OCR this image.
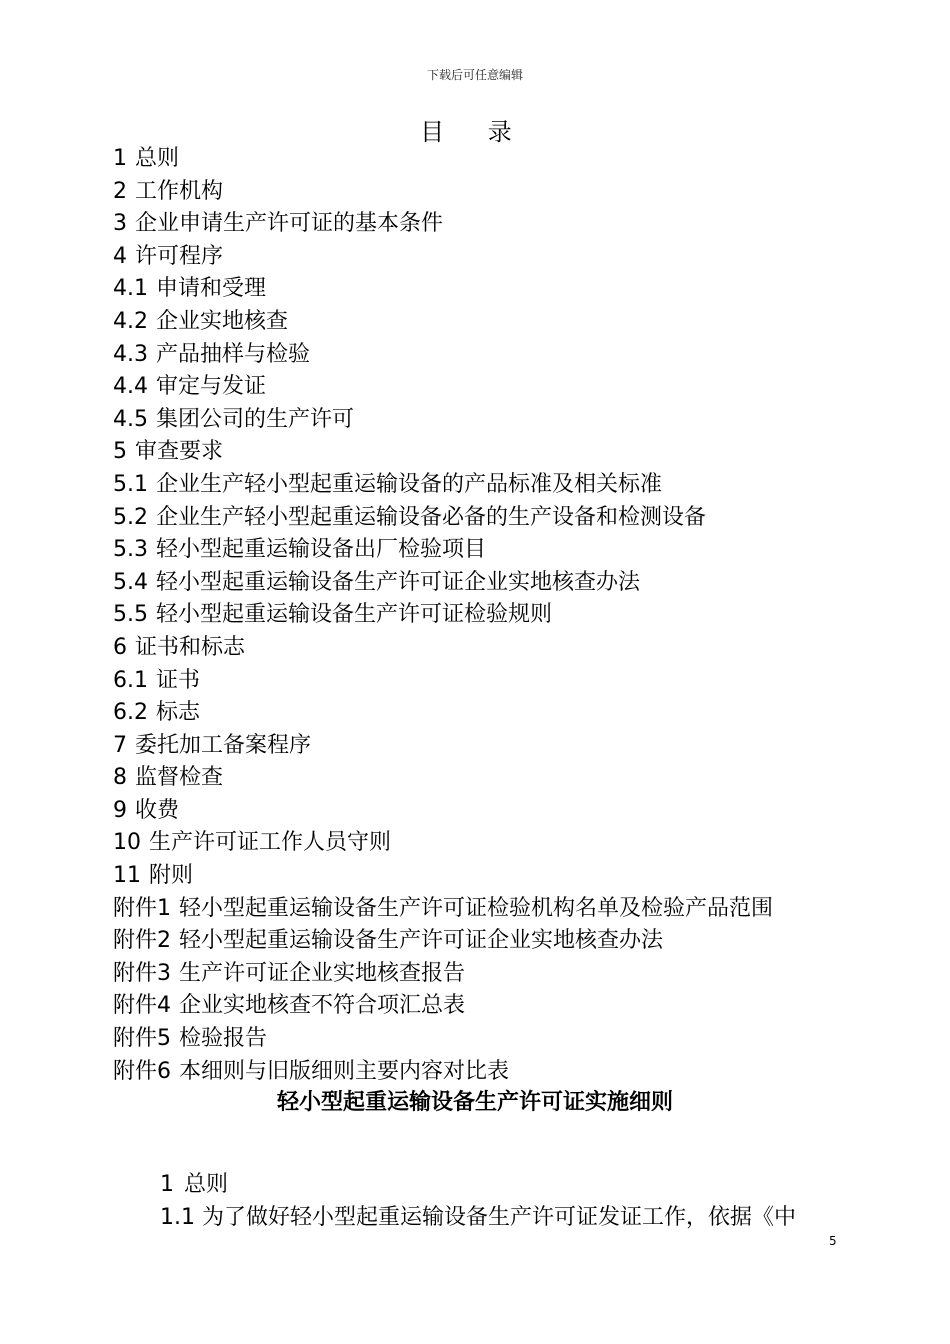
下载后可任意编辑
目 录
1 总则
2 工作机构
3 企业申请生产许可证的基本条件
4 许可程序
4.1 申请和受理
4.2 企业实地核查
4.3 产品抽样与检验
4.4 审定与发证
4.5 集团公司的生产许可
5 审查要求
5.1 企业生产轻小型起重运输设备的产品标准及相关标准
5.2 企业生产轻小型起重运输设备必备的生产设备和检测设备
5.3 轻小型起重运输设备出厂检验项目
5.4 轻小型起重运输设备生产许可证企业实地核查办法
5.5 轻小型起重运输设备生产许可证检验规则
6 证书和标志
6.1 证书
6.2 标志
7 委托加工备案程序
8 监督检查
9 收费
10 生产许可证工作人员守则
11 附则
附件1 轻小型起重运输设备生产许可证检验机构名单及检验产品范围
附件2 轻小型起重运输设备生产许可证企业实地核查办法
附件3 生产许可证企业实地核查报告
附件4 企业实地核查不符合项汇总表
附件5 检验报告
附件6 本细则与旧版细则主要内容对比表
轻小型起重运输设备生产许可证实施细则
1 总则
1.1 为了做好轻小型起重运输设备生产许可证发证工作，依据《中
5
